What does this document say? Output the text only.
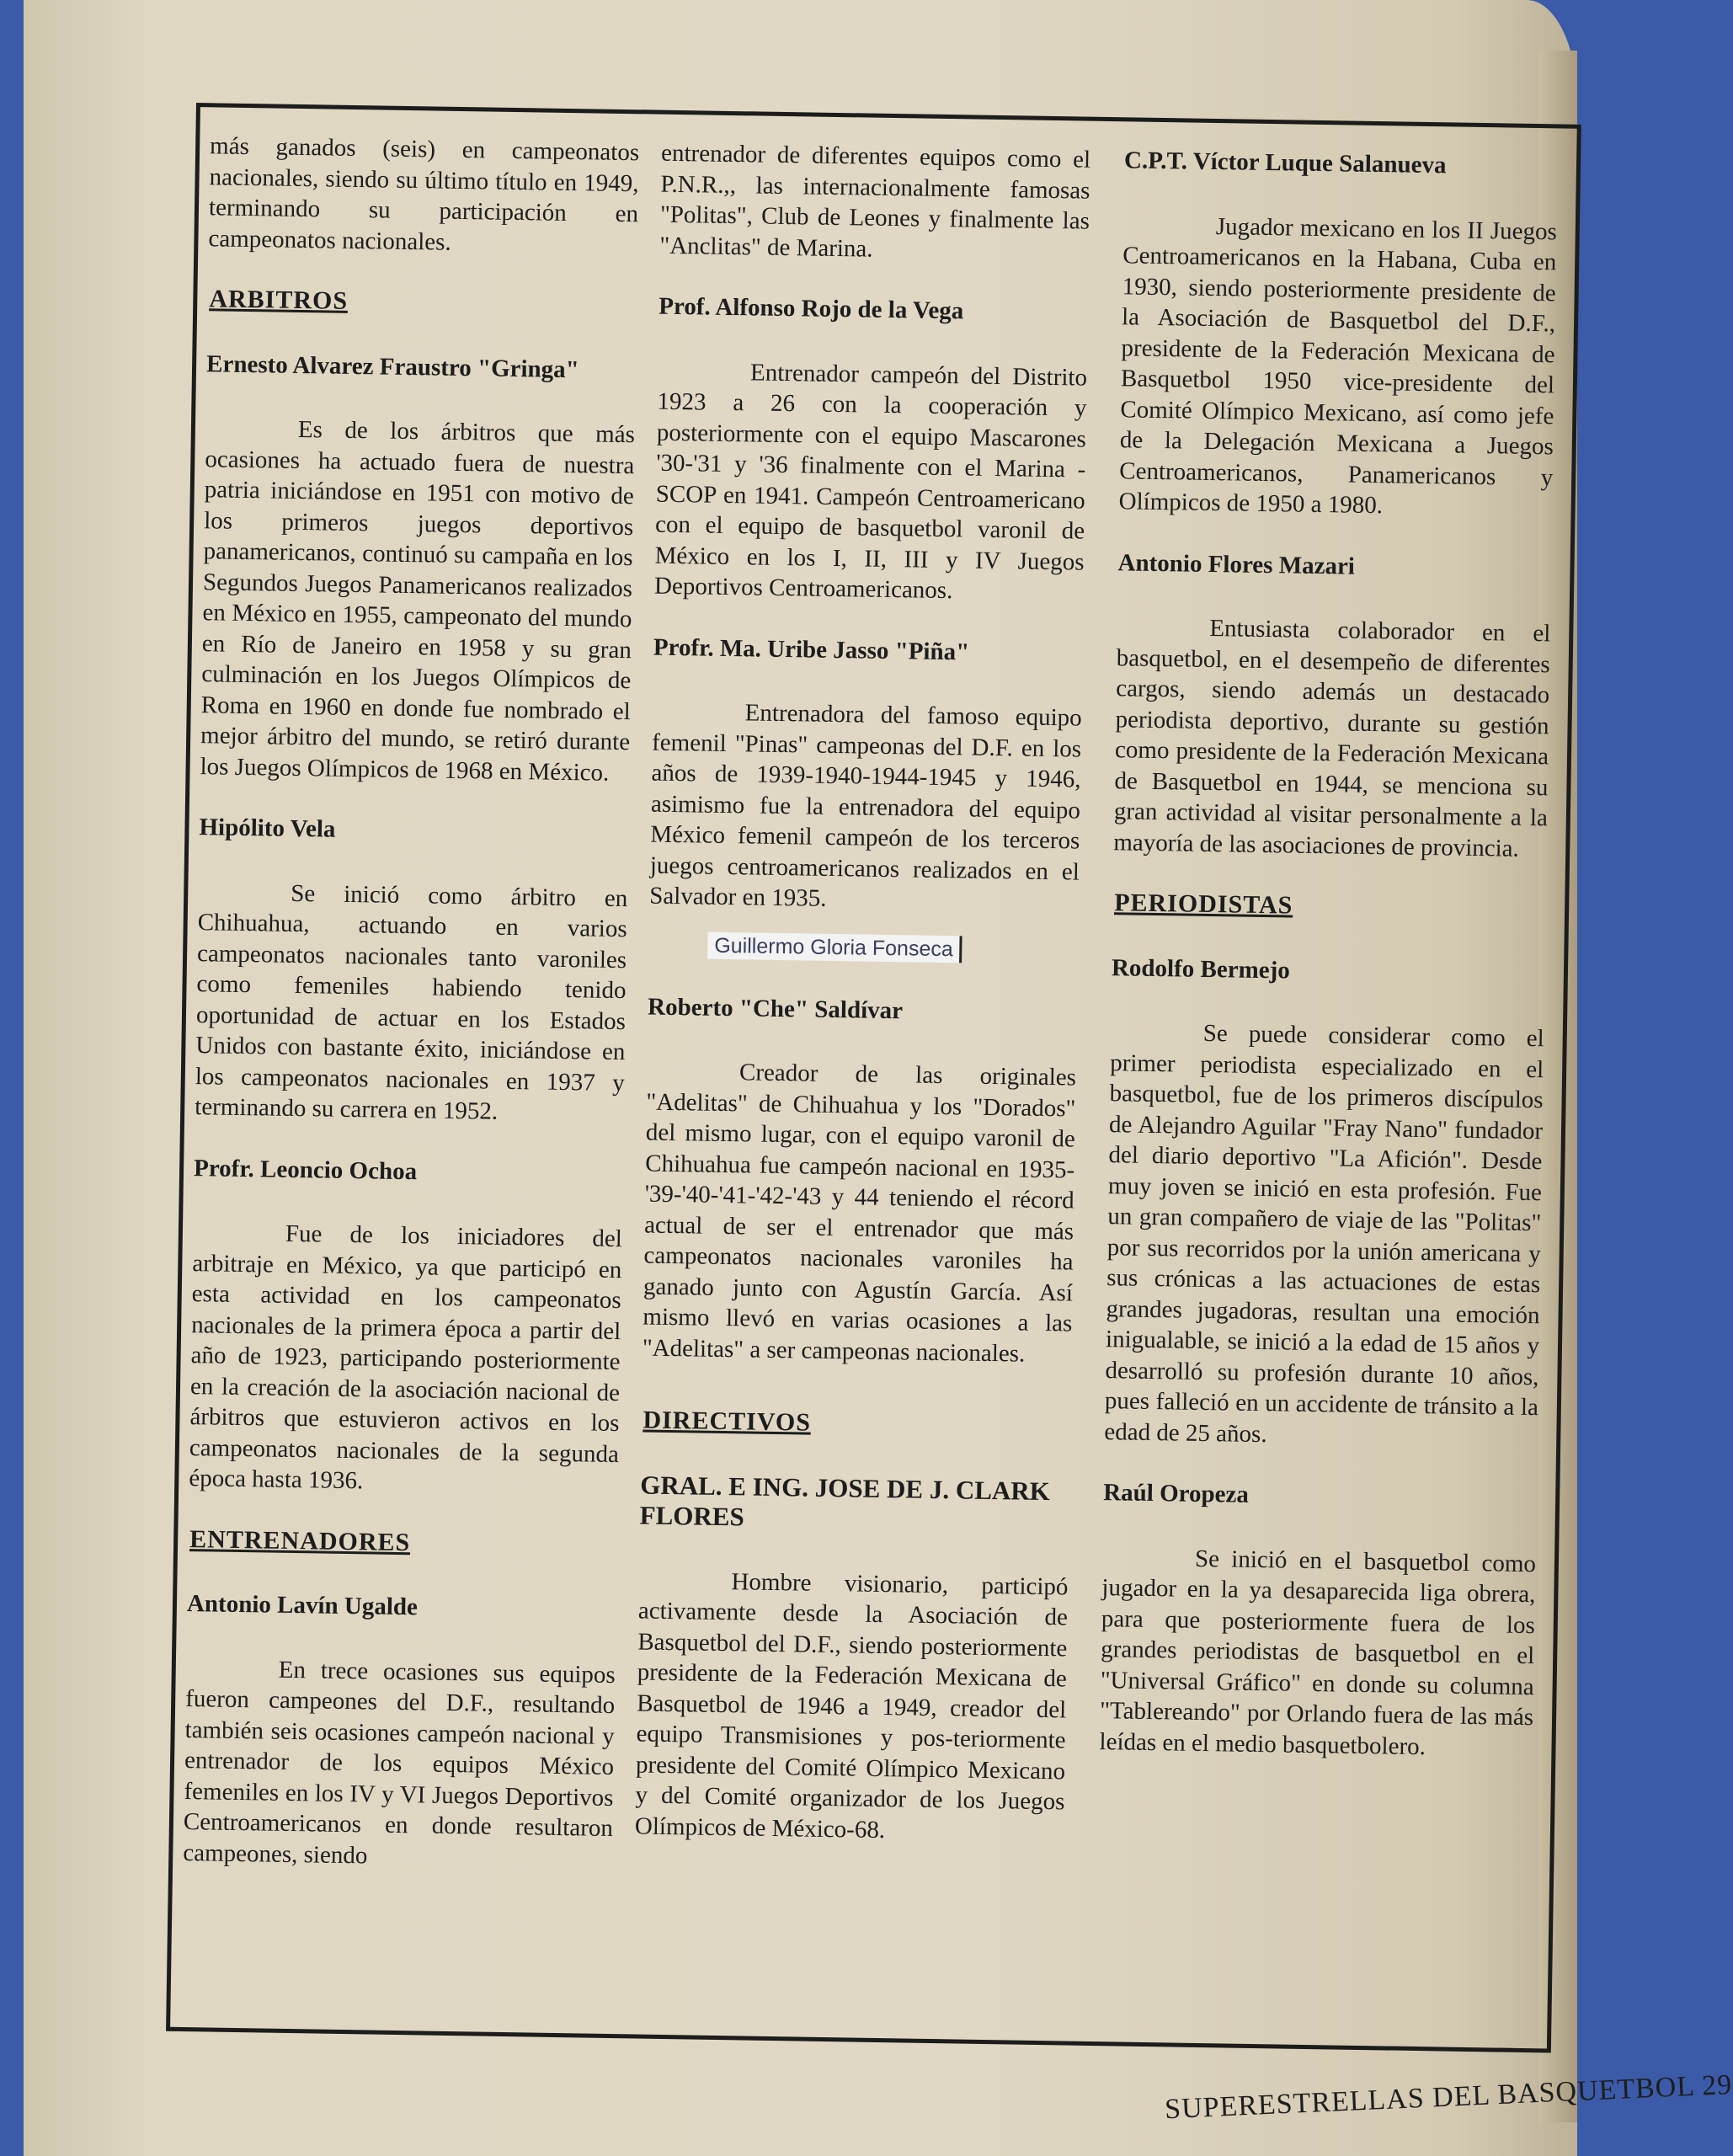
más ganados (seis) en campeonatos nacionales, siendo su último título en 1949, terminando su participación en campeonatos nacionales.

ARBITROS
Ernesto Alvarez Fraustro "Gringa"

Es de los árbitros que más ocasiones ha actuado fuera de nuestra patria iniciándose en 1951 con motivo de los primeros juegos deportivos panamericanos, continuó su campaña en los Segundos Juegos Panamericanos realizados en México en 1955, campeonato del mundo en Río de Janeiro en 1958 y su gran culminación en los Juegos Olímpicos de Roma en 1960 en donde fue nombrado el mejor árbitro del mundo, se retiró durante los Juegos Olímpicos de 1968 en México.

Hipólito Vela

Se inició como árbitro en Chihuahua, actuando en varios campeonatos nacionales tanto varoniles como femeniles habiendo tenido oportunidad de actuar en los Estados Unidos con bastante éxito, iniciándose en los campeonatos nacionales en 1937 y terminando su carrera en 1952.

Profr. Leoncio Ochoa

Fue de los iniciadores del arbitraje en México, ya que participó en esta actividad en los campeonatos nacionales de la primera época a partir del año de 1923, participando posteriormente en la creación de la asociación nacional de árbitros que estuvieron activos en los campeonatos nacionales de la segunda época hasta 1936.

ENTRENADORES
Antonio Lavín Ugalde

En trece ocasiones sus equipos fueron campeones del D.F., resultando también seis ocasiones campeón nacional y entrenador de los equipos México femeniles en los IV y VI Juegos Deportivos Centroamericanos en donde resultaron campeones, siendo

entrenador de diferentes equipos como el P.N.R.,, las internacionalmente famosas "Politas", Club de Leones y finalmente las "Anclitas" de Marina.

Prof. Alfonso Rojo de la Vega

Entrenador campeón del Distrito 1923 a 26 con la cooperación y posteriormente con el equipo Mascarones '30-'31 y '36 finalmente con el Marina -SCOP en 1941. Campeón Centroamericano con el equipo de basquetbol varonil de México en los I, II, III y IV Juegos Deportivos Centroamericanos.

Profr. Ma. Uribe Jasso "Piña"

Entrenadora del famoso equipo femenil "Pinas" campeonas del D.F. en los años de 1939-1940-1944-1945 y 1946, asimismo fue la entrenadora del equipo México femenil campeón de los terceros juegos centroamericanos realizados en el Salvador en 1935.

Guillermo Gloria Fonseca
Roberto "Che" Saldívar

Creador de las originales "Adelitas" de Chihuahua y los "Dorados" del mismo lugar, con el equipo varonil de Chihuahua fue campeón nacional en 1935-'39-'40-'41-'42-'43 y 44 teniendo el récord actual de ser el entrenador que más campeonatos nacionales varoniles ha ganado junto con Agustín García. Así mismo llevó en varias ocasiones a las "Adelitas" a ser campeonas nacionales.

DIRECTIVOS
GRAL. E ING. JOSE DE J. CLARK FLORES

Hombre visionario, participó activamente desde la Asociación de Basquetbol del D.F., siendo posteriormente presidente de la Federación Mexicana de Basquetbol de 1946 a 1949, creador del equipo Transmisiones y pos-teriormente presidente del Comité Olímpico Mexicano y del Comité organizador de los Juegos Olímpicos de México-68.

C.P.T. Víctor Luque Salanueva

Jugador mexicano en los II Juegos Centroamericanos en la Habana, Cuba en 1930, siendo posteriormente presidente de la Asociación de Basquetbol del D.F., presidente de la Federación Mexicana de Basquetbol 1950 vice-presidente del Comité Olímpico Mexicano, así como jefe de la Delegación Mexicana a Juegos Centroamericanos, Panamericanos y Olímpicos de 1950 a 1980.

Antonio Flores Mazari

Entusiasta colaborador en el basquetbol, en el desempeño de diferentes cargos, siendo además un destacado periodista deportivo, durante su gestión como presidente de la Federación Mexicana de Basquetbol en 1944, se menciona su gran actividad al visitar personalmente a la mayoría de las asociaciones de provincia.

PERIODISTAS
Rodolfo Bermejo

Se puede considerar como el primer periodista especializado en el basquetbol, fue de los primeros discípulos de Alejandro Aguilar "Fray Nano" fundador del diario deportivo "La Afición". Desde muy joven se inició en esta profesión. Fue un gran compañero de viaje de las "Politas" por sus recorridos por la unión americana y sus crónicas a las actuaciones de estas grandes jugadoras, resultan una emoción inigualable, se inició a la edad de 15 años y desarrolló su profesión durante 10 años, pues falleció en un accidente de tránsito a la edad de 25 años.

Raúl Oropeza

Se inició en el basquetbol como jugador en la ya desaparecida liga obrera, para que posteriormente fuera de los grandes periodistas de basquetbol en el "Universal Gráfico" en donde su columna "Tablereando" por Orlando fuera de las más leídas en el medio basquetbolero.

SUPERESTRELLAS DEL BASQUETBOL 29
